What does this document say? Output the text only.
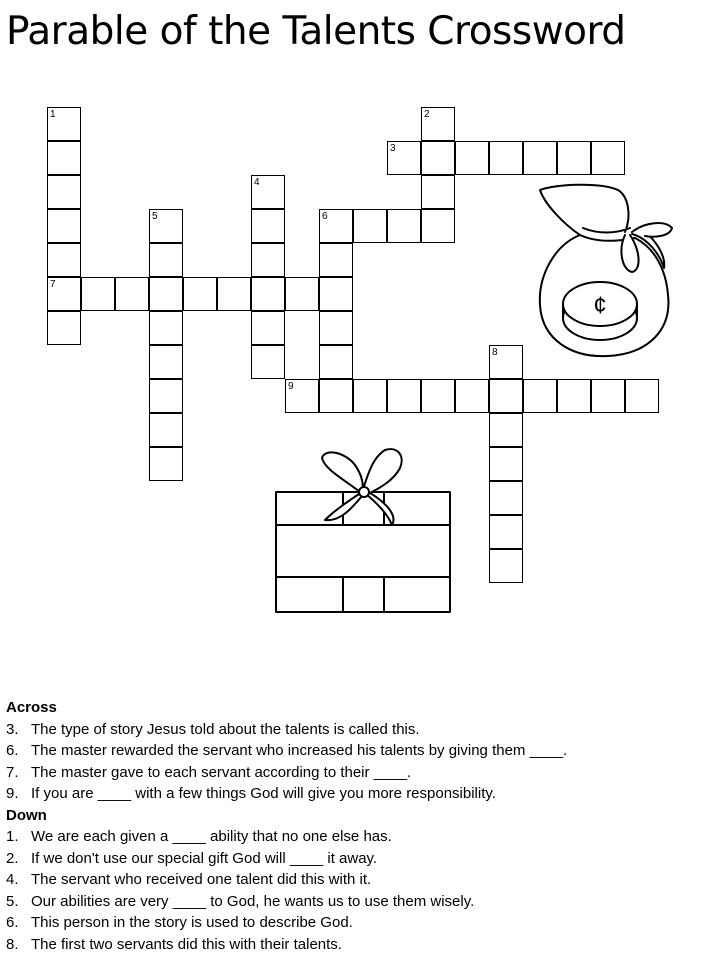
Parable of the Talents Crossword
1
7
2
3
4
5	6
8
9
¢
Across
3. The type of story Jesus told about the talents is called this.
6. The master rewarded the servant who increased his talents by giving them ____.
7. The master gave to each servant according to their ____.
9. If you are ____ with a few things God will give you more responsibility.
Down
1. We are each given a ____ ability that no one else has.
2. If we don't use our special gift God will ____ it away.
4. The servant who received one talent did this with it.
5. Our abilities are very ____ to God, he wants us to use them wisely.
6. This person in the story is used to describe God.
8. The first two servants did this with their talents.
